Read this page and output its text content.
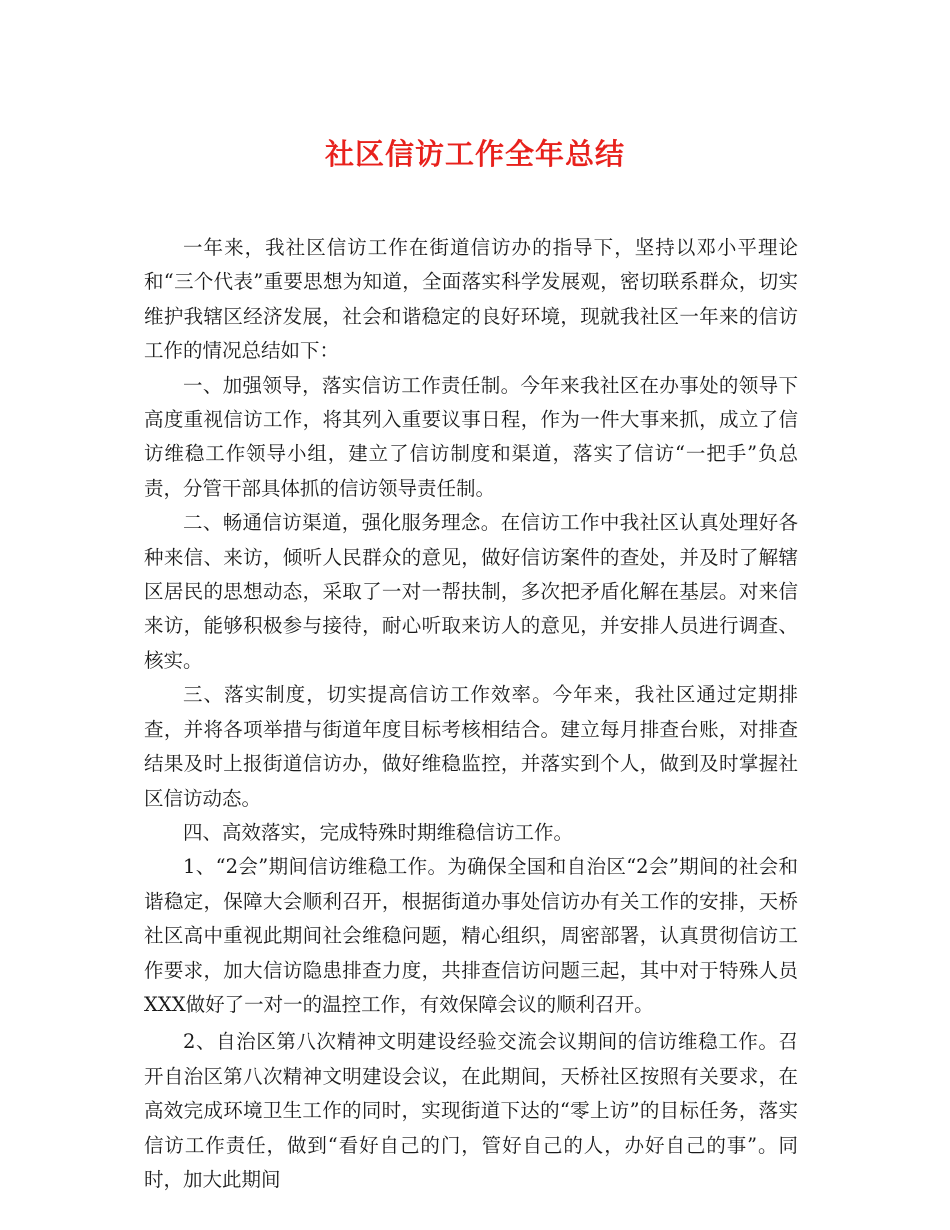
社区信访工作全年总结

一年来，我社区信访工作在街道信访办的指导下，坚持以邓小平理论和“三个代表”重要思想为知道，全面落实科学发展观，密切联系群众，切实维护我辖区经济发展，社会和谐稳定的良好环境，现就我社区一年来的信访工作的情况总结如下：

一、加强领导，落实信访工作责任制。今年来我社区在办事处的领导下高度重视信访工作，将其列入重要议事日程，作为一件大事来抓，成立了信访维稳工作领导小组，建立了信访制度和渠道，落实了信访“一把手”负总责，分管干部具体抓的信访领导责任制。

二、畅通信访渠道，强化服务理念。在信访工作中我社区认真处理好各种来信、来访，倾听人民群众的意见，做好信访案件的查处，并及时了解辖区居民的思想动态，采取了一对一帮扶制，多次把矛盾化解在基层。对来信来访，能够积极参与接待，耐心听取来访人的意见，并安排人员进行调查、核实。

三、落实制度，切实提高信访工作效率。今年来，我社区通过定期排查，并将各项举措与街道年度目标考核相结合。建立每月排查台账，对排查结果及时上报街道信访办，做好维稳监控，并落实到个人，做到及时掌握社区信访动态。

四、高效落实，完成特殊时期维稳信访工作。

1、“2会”期间信访维稳工作。为确保全国和自治区“2会”期间的社会和谐稳定，保障大会顺利召开，根据街道办事处信访办有关工作的安排，天桥社区高中重视此期间社会维稳问题，精心组织，周密部署，认真贯彻信访工作要求，加大信访隐患排查力度，共排查信访问题三起，其中对于特殊人员XXX做好了一对一的温控工作，有效保障会议的顺利召开。

2、自治区第八次精神文明建设经验交流会议期间的信访维稳工作。召开自治区第八次精神文明建设会议，在此期间，天桥社区按照有关要求，在高效完成环境卫生工作的同时，实现街道下达的“零上访”的目标任务，落实信访工作责任，做到“看好自己的门，管好自己的人，办好自己的事”。同时，加大此期间
